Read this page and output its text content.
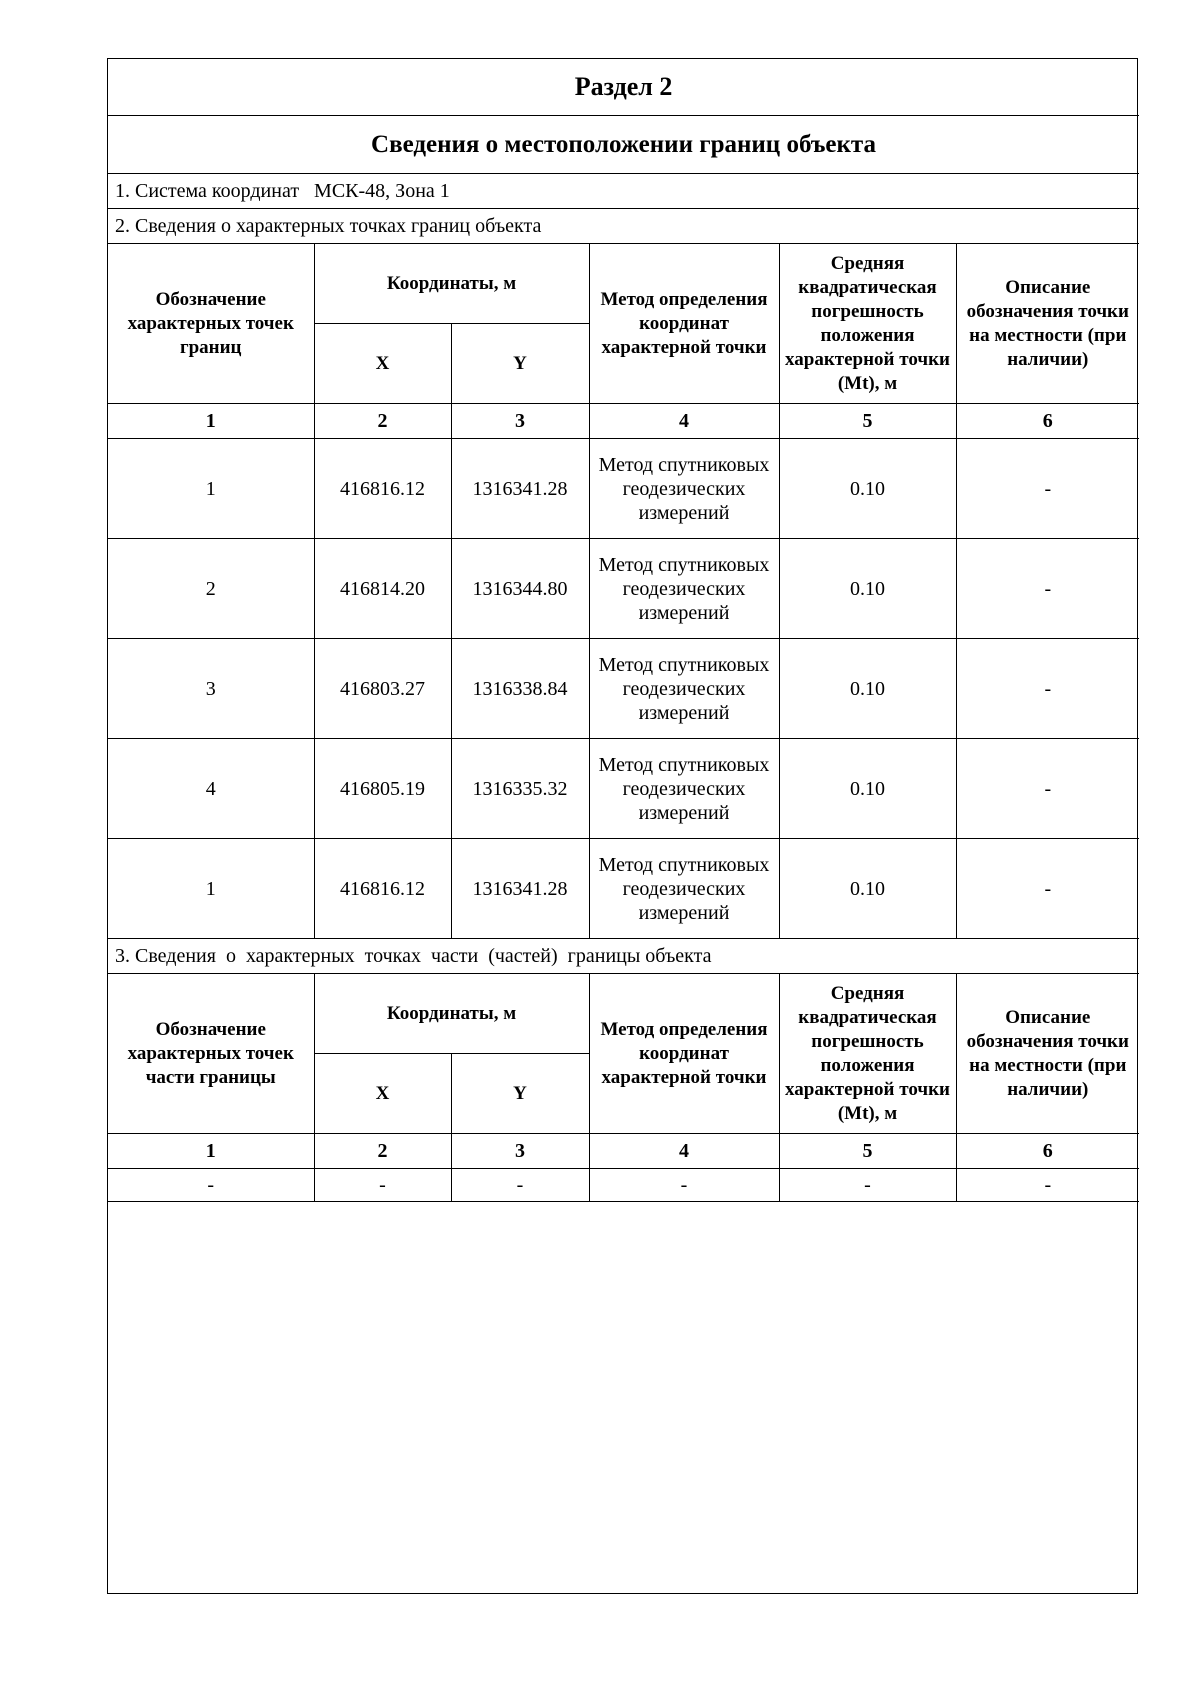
Раздел 2					
Сведения о местоположении границ объекта					
1. Система координат   МСК-48, Зона 1					
2. Сведения о характерных точках границ объекта					
Обозначение характерных точек границ	Координаты, м		Метод определения координат характерной точки	Средняя квадратическая погрешность положения характерной точки (Mt), м	Описание обозначения точки на местности (при наличии)
	X	Y			
1	2	3	4	5	6
1	416816.12	1316341.28	Метод спутниковых геодезических измерений	0.10	-
2	416814.20	1316344.80	Метод спутниковых геодезических измерений	0.10	-
3	416803.27	1316338.84	Метод спутниковых геодезических измерений	0.10	-
4	416805.19	1316335.32	Метод спутниковых геодезических измерений	0.10	-
1	416816.12	1316341.28	Метод спутниковых геодезических измерений	0.10	-
3. Сведения  о  характерных  точках  части  (частей)  границы объекта					
Обозначение характерных точек части границы	Координаты, м		Метод определения координат характерной точки	Средняя квадратическая погрешность положения характерной точки (Mt), м	Описание обозначения точки на местности (при наличии)
	X	Y			
1	2	3	4	5	6
-	-	-	-	-	-
